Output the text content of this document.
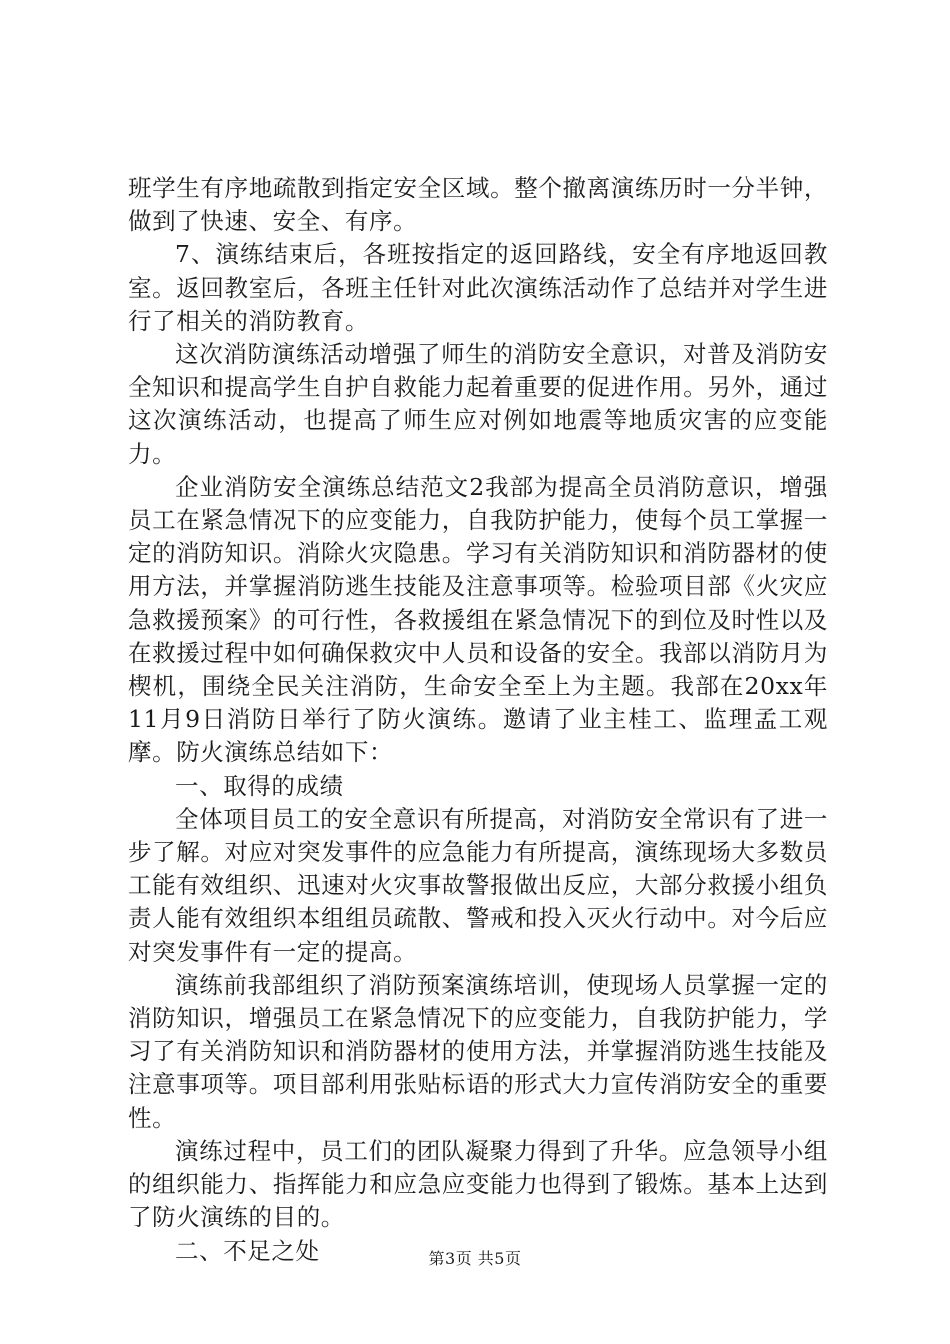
班学生有序地疏散到指定安全区域。整个撤离演练历时一分半钟，做到了快速、安全、有序。

7、演练结束后，各班按指定的返回路线，安全有序地返回教室。返回教室后，各班主任针对此次演练活动作了总结并对学生进行了相关的消防教育。

这次消防演练活动增强了师生的消防安全意识，对普及消防安全知识和提高学生自护自救能力起着重要的促进作用。另外，通过这次演练活动，也提高了师生应对例如地震等地质灾害的应变能力。

企业消防安全演练总结范文2我部为提高全员消防意识，增强员工在紧急情况下的应变能力，自我防护能力，使每个员工掌握一定的消防知识。消除火灾隐患。学习有关消防知识和消防器材的使用方法，并掌握消防逃生技能及注意事项等。检验项目部《火灾应急救援预案》的可行性，各救援组在紧急情况下的到位及时性以及在救援过程中如何确保救灾中人员和设备的安全。我部以消防月为楔机，围绕全民关注消防，生命安全至上为主题。我部在20xx年11月9日消防日举行了防火演练。邀请了业主桂工、监理孟工观摩。防火演练总结如下：

一、取得的成绩

全体项目员工的安全意识有所提高，对消防安全常识有了进一步了解。对应对突发事件的应急能力有所提高，演练现场大多数员工能有效组织、迅速对火灾事故警报做出反应，大部分救援小组负责人能有效组织本组组员疏散、警戒和投入灭火行动中。对今后应对突发事件有一定的提高。

演练前我部组织了消防预案演练培训，使现场人员掌握一定的消防知识，增强员工在紧急情况下的应变能力，自我防护能力，学习了有关消防知识和消防器材的使用方法，并掌握消防逃生技能及注意事项等。项目部利用张贴标语的形式大力宣传消防安全的重要性。

演练过程中，员工们的团队凝聚力得到了升华。应急领导小组的组织能力、指挥能力和应急应变能力也得到了锻炼。基本上达到了防火演练的目的。

二、不足之处	第3页 共5页
